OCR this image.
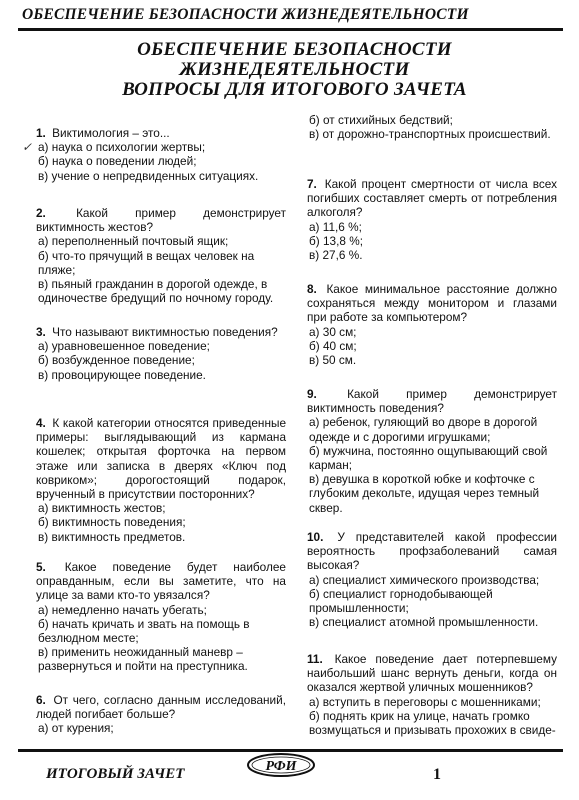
ОБЕСПЕЧЕНИЕ БЕЗОПАСНОСТИ ЖИЗНЕДЕЯТЕЛЬНОСТИ
ОБЕСПЕЧЕНИЕ БЕЗОПАСНОСТИ
ЖИЗНЕДЕЯТЕЛЬНОСТИ
ВОПРОСЫ ДЛЯ ИТОГОВОГО ЗАЧЕТА
1. Виктимология – это...
✓ а) наука о психологии жертвы;
б) наука о поведении людей;
в) учение о непредвиденных ситуациях.
2.	Какой пример демонстрирует виктимность жестов?
а) переполненный почтовый ящик;
б) что-то прячущий в вещах человек на пляже;
в) пьяный гражданин в дорогой одежде, в одиночестве бредущий по ночному городу.
3. Что называют виктимностью поведения?
а) уравновешенное поведение;
б) возбужденное поведение;
в) провоцирующее поведение.
4. К какой категории относятся приведенные примеры: выглядывающий из кармана кошелек; открытая форточка на первом этаже или записка в дверях «Ключ под ковриком»; дорогостоящий подарок, врученный в присутствии посторонних?
а) виктимность жестов;
б) виктимность поведения;
в) виктимность предметов.
5. Какое поведение будет наиболее оправданным, если вы заметите, что на улице за вами кто-то увязался?
а) немедленно начать убегать;
б) начать кричать и звать на помощь в безлюдном месте;
в) применить неожиданный маневр – развернуться и пойти на преступника.
6. От чего, согласно данным исследований, людей погибает больше?
а) от курения;
б) от стихийных бедствий;
в) от дорожно-транспортных происшествий.
7. Какой процент смертности от числа всех погибших составляет смерть от потребления алкоголя?
а) 11,6 %;
б) 13,8 %;
в) 27,6 %.
8. Какое минимальное расстояние должно сохраняться между монитором и глазами при работе за компьютером?
а) 30 см;
б) 40 см;
в) 50 см.
9.	Какой пример демонстрирует виктимность поведения?
а) ребенок, гуляющий во дворе в дорогой одежде и с дорогими игрушками;
б) мужчина, постоянно ощупывающий свой карман;
в) девушка в короткой юбке и кофточке с глубоким декольте, идущая через темный сквер.
10. У представителей какой профессии вероятность профзаболеваний самая высокая?
а) специалист химического производства;
б) специалист горнодобывающей промышленности;
в) специалист атомной промышленности.
11. Какое поведение дает потерпевшему наибольший шанс вернуть деньги, когда он оказался жертвой уличных мошенников?
а) вступить в переговоры с мошенниками;
б) поднять крик на улице, начать громко возмущаться и призывать прохожих в свиде-
ИТОГОВЫЙ ЗАЧЕТ	РФИ	1
